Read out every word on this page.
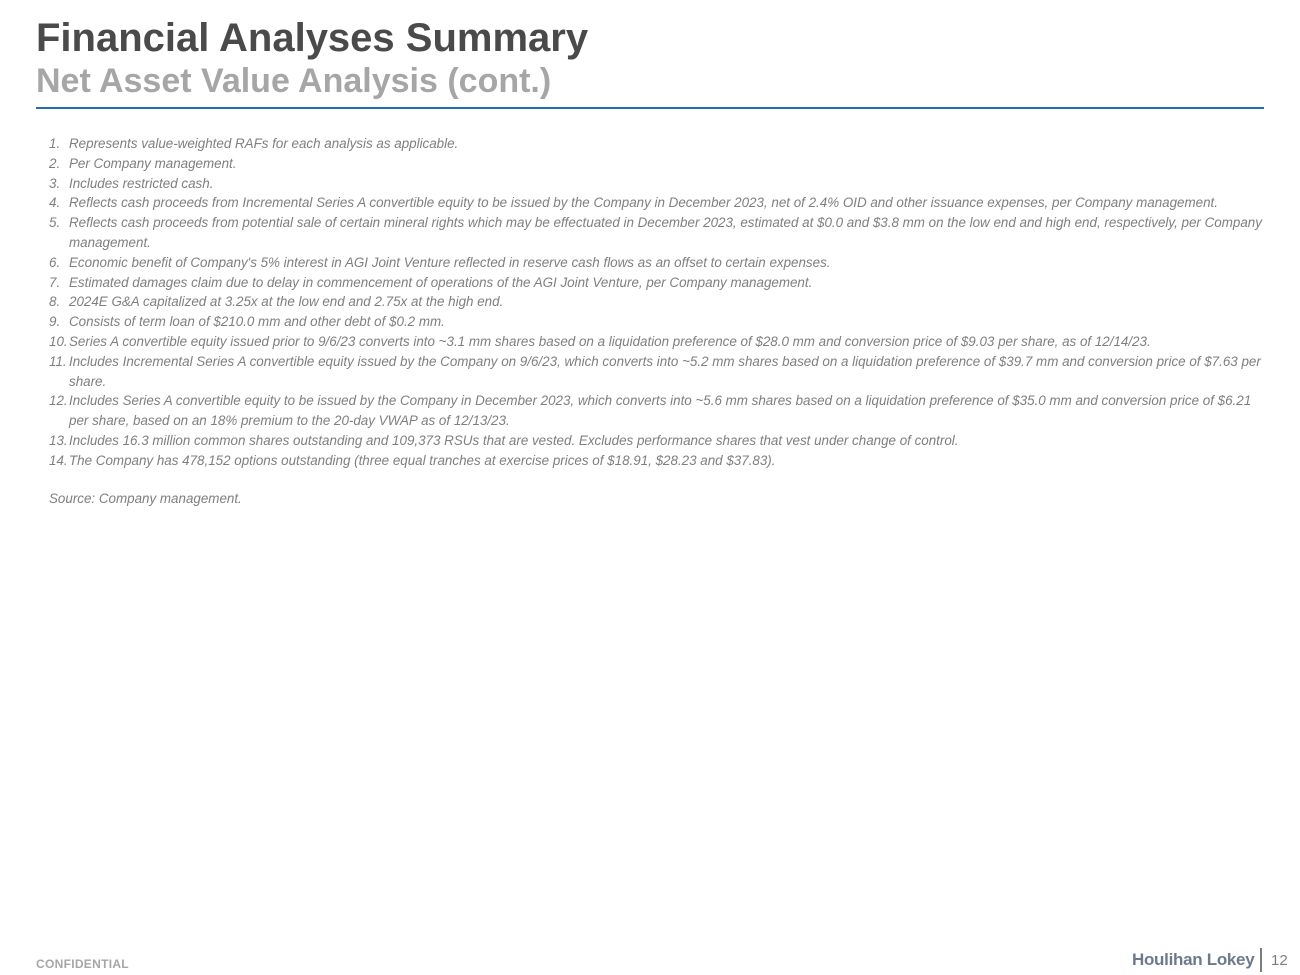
Financial Analyses Summary
Net Asset Value Analysis (cont.)
1. Represents value-weighted RAFs for each analysis as applicable.
2. Per Company management.
3. Includes restricted cash.
4. Reflects cash proceeds from Incremental Series A convertible equity to be issued by the Company in December 2023, net of 2.4% OID and other issuance expenses, per Company management.
5. Reflects cash proceeds from potential sale of certain mineral rights which may be effectuated in December 2023, estimated at $0.0 and $3.8 mm on the low end and high end, respectively, per Company management.
6. Economic benefit of Company's 5% interest in AGI Joint Venture reflected in reserve cash flows as an offset to certain expenses.
7. Estimated damages claim due to delay in commencement of operations of the AGI Joint Venture, per Company management.
8. 2024E G&A capitalized at 3.25x at the low end and 2.75x at the high end.
9. Consists of term loan of $210.0 mm and other debt of $0.2 mm.
10. Series A convertible equity issued prior to 9/6/23 converts into ~3.1 mm shares based on a liquidation preference of $28.0 mm and conversion price of $9.03 per share, as of 12/14/23.
11. Includes Incremental Series A convertible equity issued by the Company on 9/6/23, which converts into ~5.2 mm shares based on a liquidation preference of $39.7 mm and conversion price of $7.63 per share.
12. Includes Series A convertible equity to be issued by the Company in December 2023, which converts into ~5.6 mm shares based on a liquidation preference of $35.0 mm and conversion price of $6.21 per share, based on an 18% premium to the 20-day VWAP as of 12/13/23.
13. Includes 16.3 million common shares outstanding and 109,373 RSUs that are vested. Excludes performance shares that vest under change of control.
14. The Company has 478,152 options outstanding (three equal tranches at exercise prices of $18.91, $28.23 and $37.83).

Source: Company management.

CONFIDENTIAL	Houlihan Lokey 12
